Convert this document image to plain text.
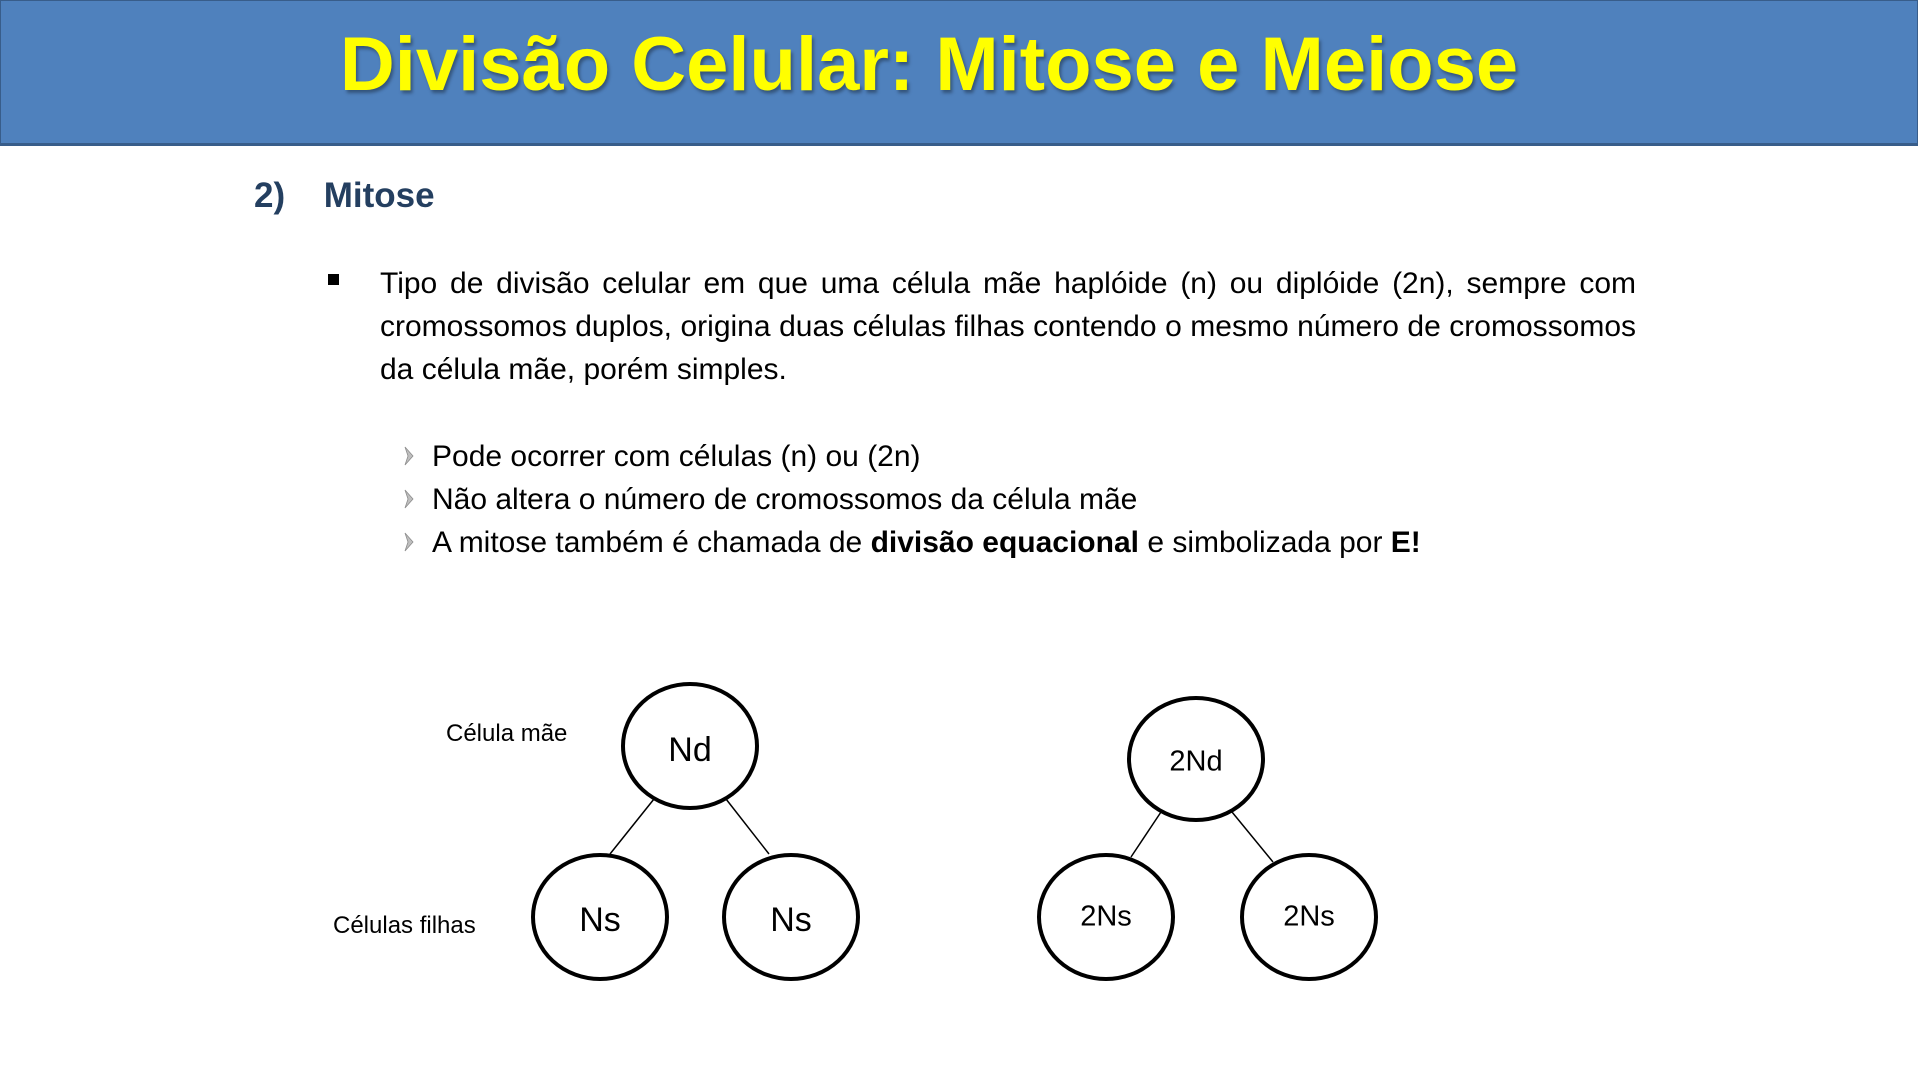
Divisão Celular: Mitose e Meiose
2) Mitose
Tipo de divisão celular em que uma célula mãe haplóide (n) ou diplóide (2n), sempre com cromossomos duplos, origina duas células filhas contendo o mesmo número de cromossomos da célula mãe, porém simples.
Pode ocorrer com células (n) ou (2n)
Não altera o número de cromossomos da célula mãe
A mitose também é chamada de divisão equacional e simbolizada por E!
Célula mãe
Células filhas
Nd
Ns	Ns
2Nd
2Ns	2Ns
